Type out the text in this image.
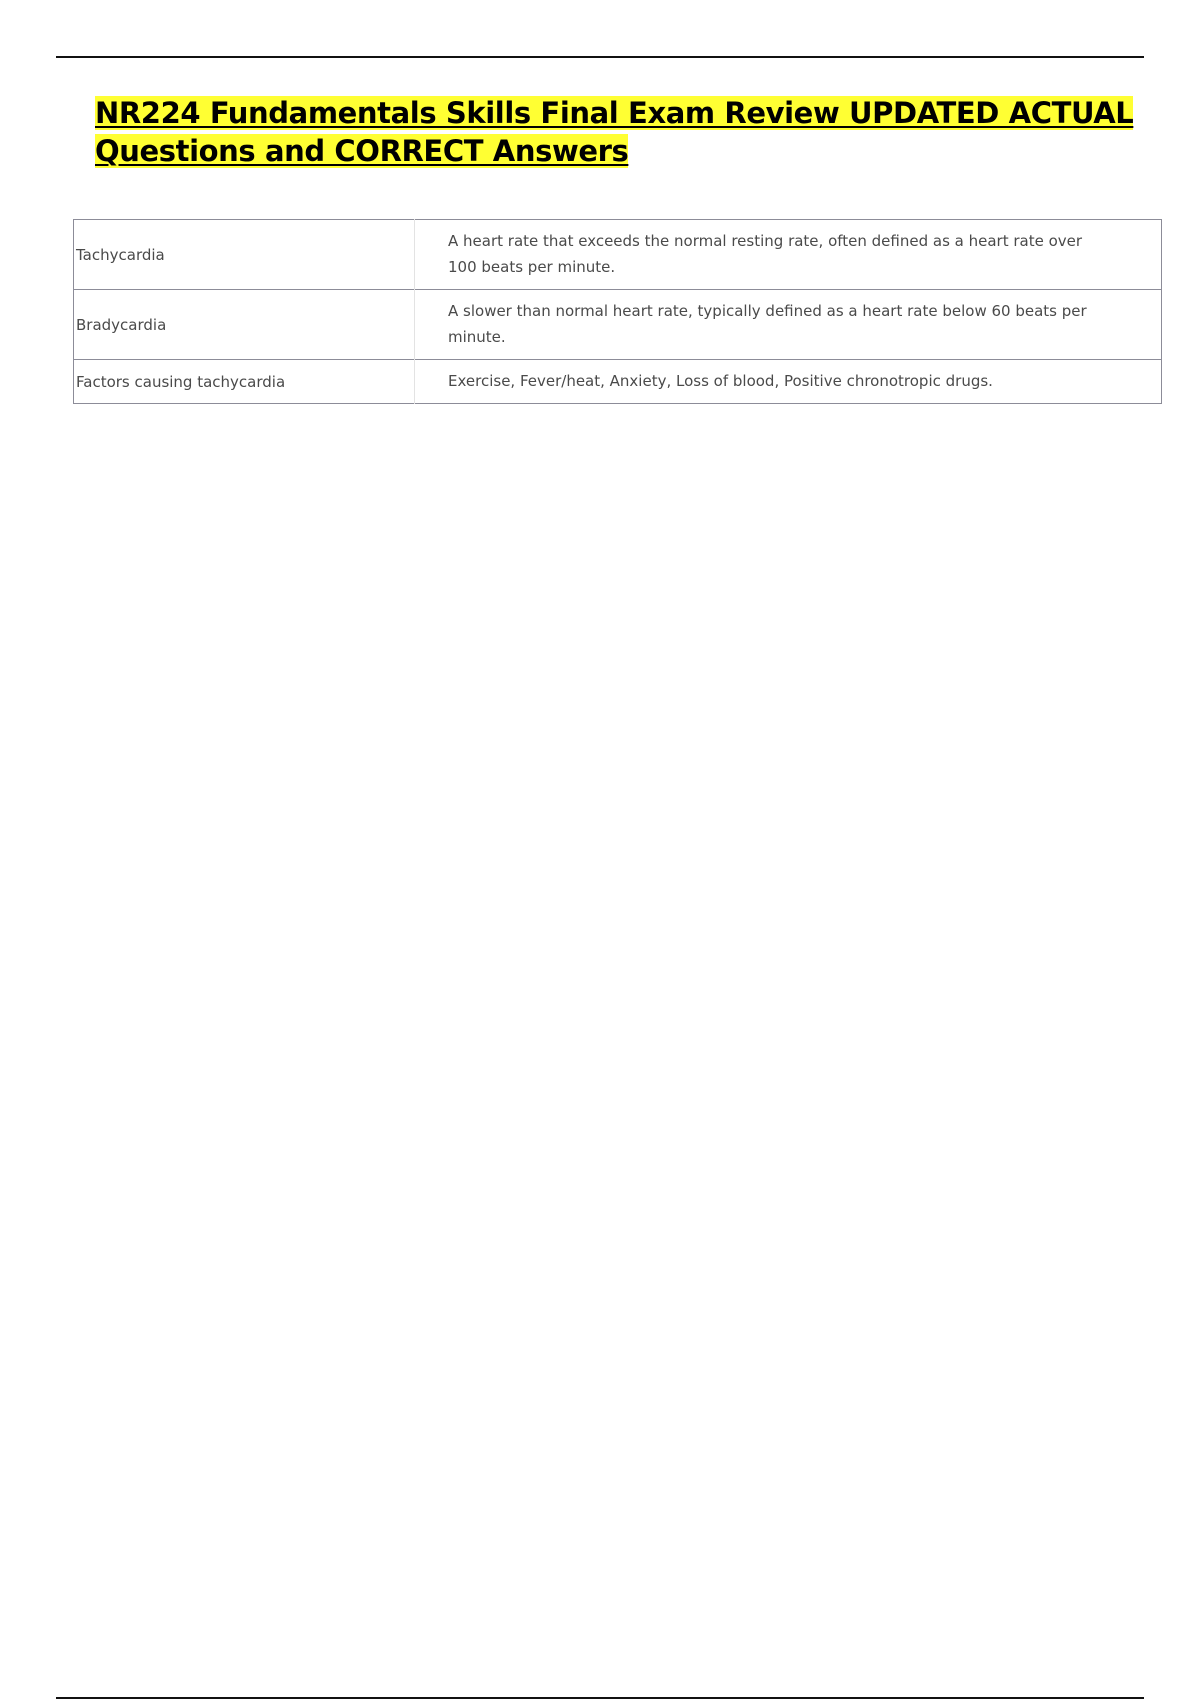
NR224 Fundamentals Skills Final Exam Review UPDATED ACTUAL
Questions and CORRECT Answers
Tachycardia	A heart rate that exceeds the normal resting rate, often defined as a heart rate over
100 beats per minute.
Bradycardia	A slower than normal heart rate, typically defined as a heart rate below 60 beats per
minute.
Factors causing tachycardia	Exercise, Fever/heat, Anxiety, Loss of blood, Positive chronotropic drugs.
